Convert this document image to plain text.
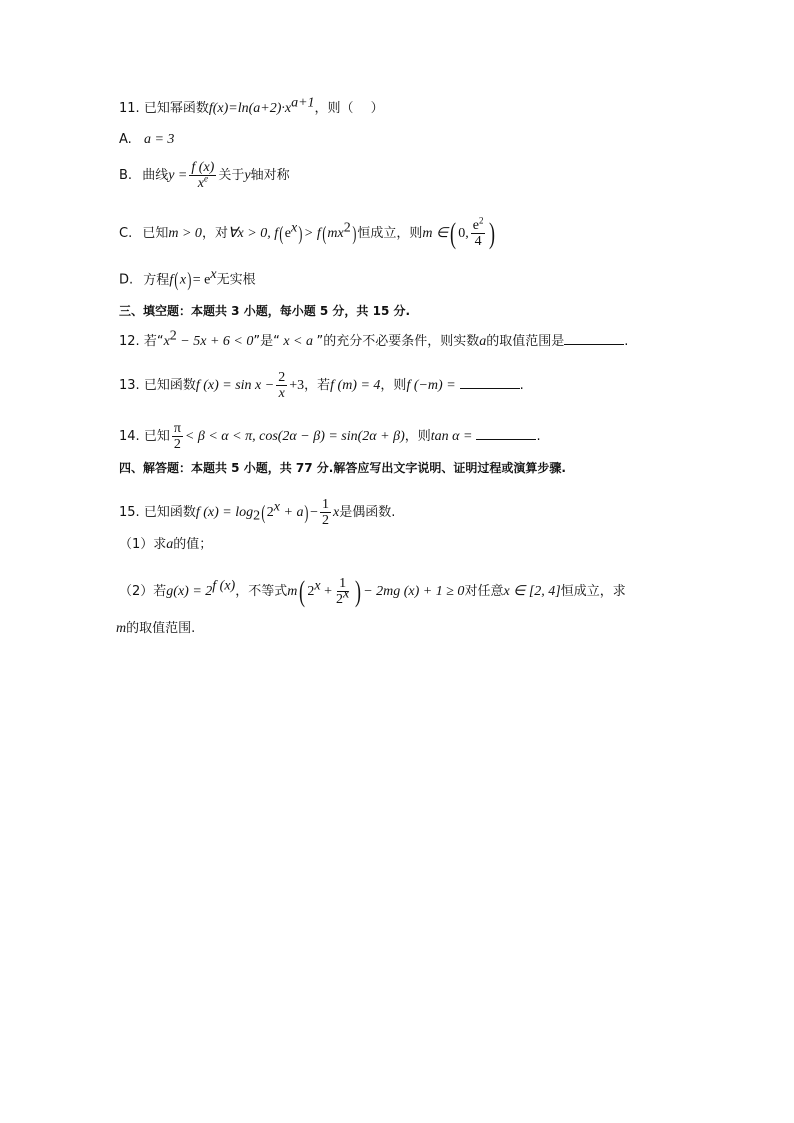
11. 已知幂函数$f(x)=\ln(a+2)\cdot x^{a+1}$，则（　 ）
A. a = 3
B. 曲线$y = \frac{f (x)}{x^e}$ 关于y轴对称
C. 已知m > 0，对∀x > 0, $f(e^x)> f(mx^2)$恒成立，则m ∈( 0, $\frac{e^2}{4}$ )
D. 方程$f(x)= e^x$无实根
三、填空题：本题共 3 小题，每小题 5 分，共 15 分.
12. 若“$x^2 - 5x + 6 < 0$”是“ x < a ”的充分不必要条件，则实数a的取值范围是	.
13. 已知函数f $(x) = \sin x - \frac{2}{x} +3$，若f (m) = 4，则f (−m) =	.
14. 已知 $\frac{\pi}{2} < \beta < \alpha < \pi$, cos(2α − β) = sin(2α + β)，则tan α =	.
四、解答题：本题共 5 小题，共 77 分.解答应写出文字说明、证明过程或演算步骤.
15. 已知函数f $(x) = \log_2(2^x + a)- \frac{1}{2}$ x是偶函数.
（1）求a的值；
（2）若$g(x) = 2^{f (x)}$，不等式m( $2^x + \frac{1}{2^x}$ ) − 2mg (x) + 1 ≥ 0对任意x ∈ [2, 4]恒成立，求
m的取值范围.
